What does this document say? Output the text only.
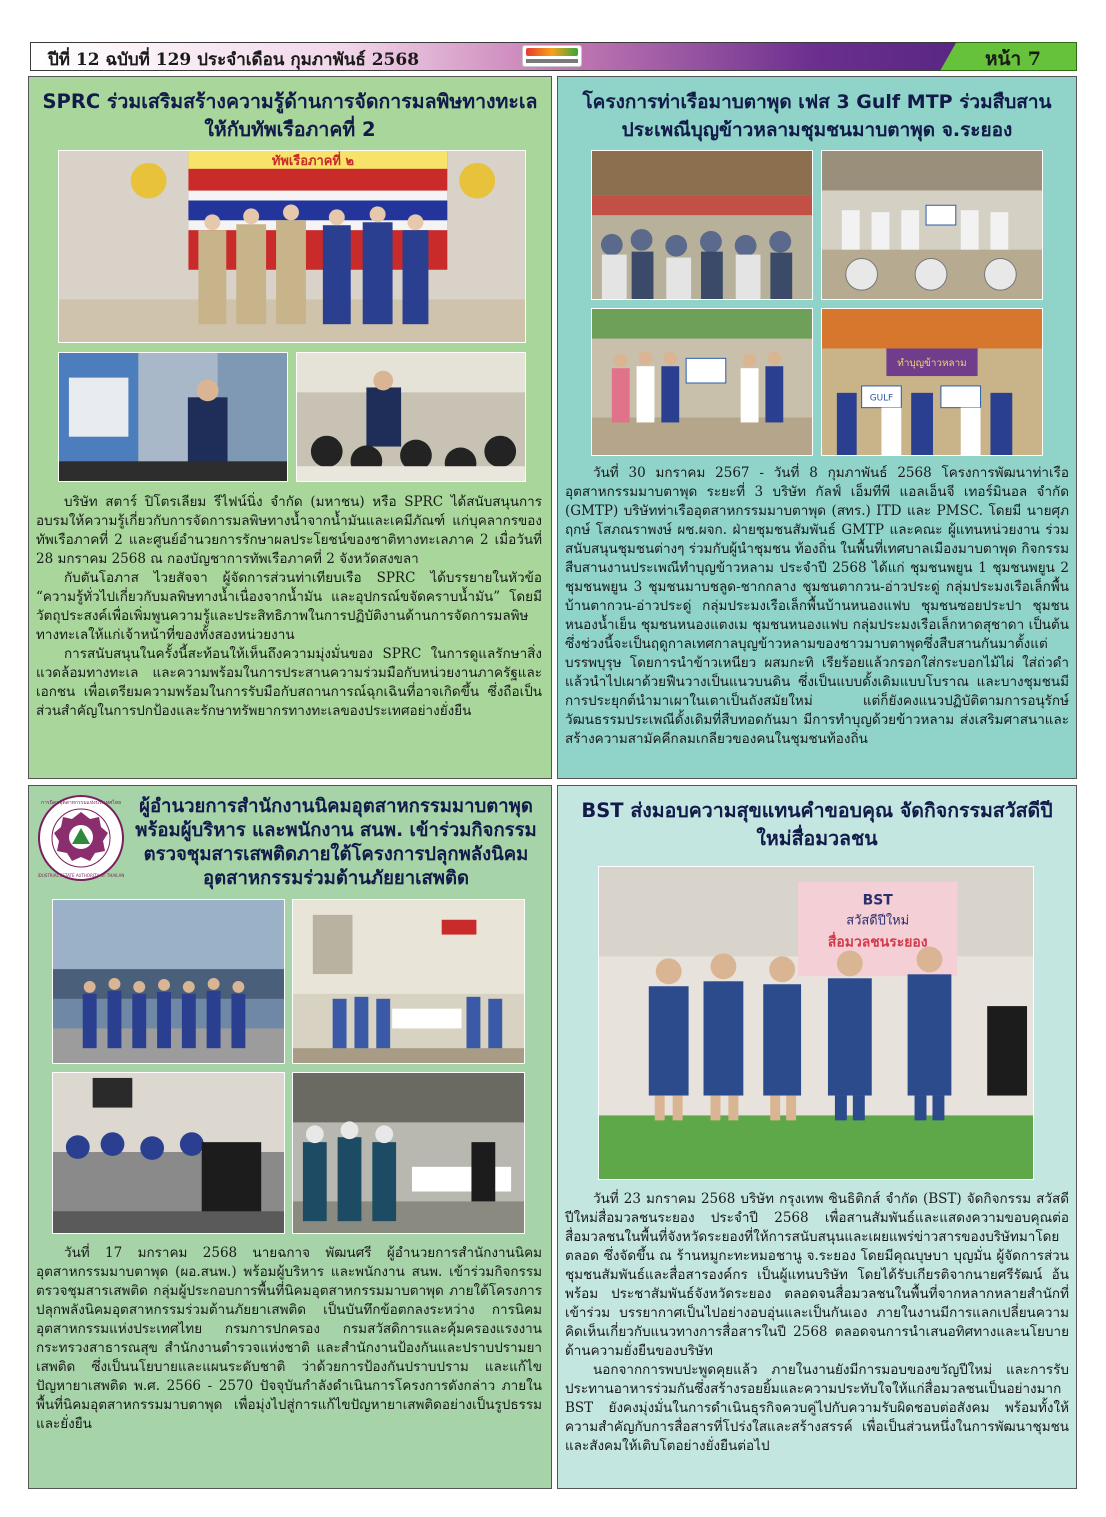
ปีที่ 12 ฉบับที่ 129 ประจำเดือน กุมภาพันธ์ 2568	หน้า 7
SPRC ร่วมเสริมสร้างความรู้ด้านการจัดการมลพิษทางทะเลให้กับทัพเรือภาคที่ 2
ทัพเรือภาคที่ ๒

บริษัท สตาร์ ปิโตรเลียม รีไฟน์นิ่ง จำกัด (มหาชน) หรือ SPRC ได้สนับสนุนการอบรมให้ความรู้เกี่ยวกับการจัดการมลพิษทางน้ำจากน้ำมันและเคมีภัณฑ์ แก่บุคลากรของทัพเรือภาคที่ 2 และศูนย์อำนวยการรักษาผลประโยชน์ของชาติทางทะเลภาค 2 เมื่อวันที่ 28 มกราคม 2568 ณ กองบัญชาการทัพเรือภาคที่ 2 จังหวัดสงขลา

กับตันโอภาส ไวยสัจจา ผู้จัดการส่วนท่าเทียบเรือ SPRC ได้บรรยายในหัวข้อ “ความรู้ทั่วไปเกี่ยวกับมลพิษทางน้ำเนื่องจากน้ำมัน และอุปกรณ์ขจัดคราบน้ำมัน” โดยมีวัตถุประสงค์เพื่อเพิ่มพูนความรู้และประสิทธิภาพในการปฏิบัติงานด้านการจัดการมลพิษทางทะเลให้แก่เจ้าหน้าที่ของทั้งสองหน่วยงาน

การสนับสนุนในครั้งนี้สะท้อนให้เห็นถึงความมุ่งมั่นของ SPRC ในการดูแลรักษาสิ่งแวดล้อมทางทะเล และความพร้อมในการประสานความร่วมมือกับหน่วยงานภาครัฐและเอกชน เพื่อเตรียมความพร้อมในการรับมือกับสถานการณ์ฉุกเฉินที่อาจเกิดขึ้น ซึ่งถือเป็นส่วนสำคัญในการปกป้องและรักษาทรัพยากรทางทะเลของประเทศอย่างยั่งยืน

โครงการท่าเรือมาบตาพุด เฟส 3 Gulf MTP ร่วมสืบสานประเพณีบุญข้าวหลามชุมชนมาบตาพุด จ.ระยอง
ทำบุญข้าวหลาม
GULF

วันที่ 30 มกราคม 2567 - วันที่ 8 กุมภาพันธ์ 2568 โครงการพัฒนาท่าเรืออุตสาหกรรมมาบตาพุด ระยะที่ 3 บริษัท กัลฟ์ เอ็มทีพี แอลเอ็นจี เทอร์มินอล จำกัด (GMTP) บริษัทท่าเรืออุตสาหกรรมมาบตาพุด (สทร.) ITD และ PMSC. โดยมี นายศุภฤกษ์ โสภณราพงษ์ ผช.ผจก. ฝ่ายชุมชนสัมพันธ์ GMTP และคณะ ผู้แทนหน่วยงาน ร่วมสนับสนุนชุมชนต่างๆ ร่วมกับผู้นำชุมชน ท้องถิ่น ในพื้นที่เทศบาลเมืองมาบตาพุด กิจกรรมสืบสานงานประเพณีทำบุญข้าวหลาม ประจำปี 2568 ได้แก่ ชุมชนพยูน 1 ชุมชนพยูน 2 ชุมชนพยูน 3 ชุมชนมาบชลูด-ชากกลาง ชุมชนตากวน-อ่าวประดู่ กลุ่มประมงเรือเล็กพื้นบ้านตากวน-อ่าวประดู่ กลุ่มประมงเรือเล็กพื้นบ้านหนองแฟบ ชุมชนซอยประปา ชุมชนหนองน้ำเย็น ชุมชนหนองแตงเม ชุมชนหนองแฟบ กลุ่มประมงเรือเล็กหาดสุชาดา เป็นต้น ซึ่งช่วงนี้จะเป็นฤดูกาลเทศกาลบุญข้าวหลามของชาวมาบตาพุดซึ่งสืบสานกันมาตั้งแต่บรรพบุรุษ โดยการนำข้าวเหนียว ผสมกะทิ เรียร้อยแล้วกรอกใส่กระบอกไม้ไผ่ ใส่ถ่วดำ แล้วนำไปเผาด้วยฟืนวางเป็นแนวบนดิน ซึ่งเป็นแบบดั้งเดิมแบบโบราณ และบางชุมชนมีการประยุกต์นำมาเผาในเตาเป็นถังสมัยใหม่ แต่ก็ยังคงแนวปฏิบัติตามการอนุรักษ์วัฒนธรรมประเพณีดั้งเดิมที่สืบทอดกันมา มีการทำบุญด้วยข้าวหลาม ส่งเสริมศาสนาและสร้างความสามัคคีกลมเกลียวของคนในชุมชนท้องถิ่น

การนิคมอุตสาหกรรมแห่งประเทศไทย
INDUSTRIAL ESTATE AUTHORITY OF THAILAND
ผู้อำนวยการสำนักงานนิคมอุตสาหกรรมมาบตาพุด พร้อมผู้บริหาร และพนักงาน สนพ. เข้าร่วมกิจกรรมตรวจชุมสารเสพติดภายใต้โครงการปลุกพลังนิคมอุตสาหกรรมร่วมต้านภัยยาเสพติด

วันที่ 17 มกราคม 2568 นายฉกาจ พัฒนศรี ผู้อำนวยการสำนักงานนิคมอุตสาหกรรมมาบตาพุด (ผอ.สนพ.) พร้อมผู้บริหาร และพนักงาน สนพ. เข้าร่วมกิจกรรมตรวจชุมสารเสพติด กลุ่มผู้ประกอบการพื้นที่นิคมอุตสาหกรรมมาบตาพุด ภายใต้โครงการปลุกพลังนิคมอุตสาหกรรมร่วมต้านภัยยาเสพติด เป็นบันทึกข้อตกลงระหว่าง การนิคมอุตสาหกรรมแห่งประเทศไทย กรมการปกครอง กรมสวัสดิการและคุ้มครองแรงงาน กระทรวงสาธารณสุข สำนักงานตำรวจแห่งชาติ และสำนักงานป้องกันและปราบปรามยาเสพติด ซึ่งเป็นนโยบายและแผนระดับชาติ ว่าด้วยการป้องกันปราบปราม และแก้ไขปัญหายาเสพติด พ.ศ. 2566 - 2570 ปัจจุบันกำลังดำเนินการโครงการดังกล่าว ภายในพื้นที่นิคมอุตสาหกรรมมาบตาพุด เพื่อมุ่งไปสู่การแก้ไขปัญหายาเสพติดอย่างเป็นรูปธรรมและยั่งยืน

BST ส่งมอบความสุขแทนคำขอบคุณ จัดกิจกรรมสวัสดีปีใหม่สื่อมวลชน
BST
สวัสดีปีใหม่
สื่อมวลชนระยอง

วันที่ 23 มกราคม 2568 บริษัท กรุงเทพ ซินธิติกส์ จำกัด (BST) จัดกิจกรรม สวัสดีปีใหม่สื่อมวลชนระยอง ประจำปี 2568 เพื่อสานสัมพันธ์และแสดงความขอบคุณต่อสื่อมวลชนในพื้นที่จังหวัดระยองที่ให้การสนับสนุนและเผยแพร่ข่าวสารของบริษัทมาโดยตลอด ซึ่งจัดขึ้น ณ ร้านหมูกะทะหมอชานู จ.ระยอง โดยมีคุณบุษบา บุญมั่น ผู้จัดการส่วนชุมชนสัมพันธ์และสื่อสารองค์กร เป็นผู้แทนบริษัท โดยได้รับเกียรติจากนายศรีรัฒน์ อ้นพร้อม ประชาสัมพันธ์จังหวัดระยอง ตลอดจนสื่อมวลชนในพื้นที่จากหลากหลายสำนักที่เข้าร่วม บรรยากาศเป็นไปอย่างอบอุ่นและเป็นกันเอง ภายในงานมีการแลกเปลี่ยนความคิดเห็นเกี่ยวกับแนวทางการสื่อสารในปี 2568 ตลอดจนการนำเสนอทิศทางและนโยบายด้านความยั่งยืนของบริษัท

นอกจากการพบปะพูดคุยแล้ว ภายในงานยังมีการมอบของขวัญปีใหม่ และการรับประทานอาหารร่วมกันซึ่งสร้างรอยยิ้มและความประทับใจให้แก่สื่อมวลชนเป็นอย่างมาก BST ยังคงมุ่งมั่นในการดำเนินธุรกิจควบคู่ไปกับความรับผิดชอบต่อสังคม พร้อมทั้งให้ความสำคัญกับการสื่อสารที่โปร่งใสและสร้างสรรค์ เพื่อเป็นส่วนหนึ่งในการพัฒนาชุมชนและสังคมให้เติบโตอย่างยั่งยืนต่อไป
